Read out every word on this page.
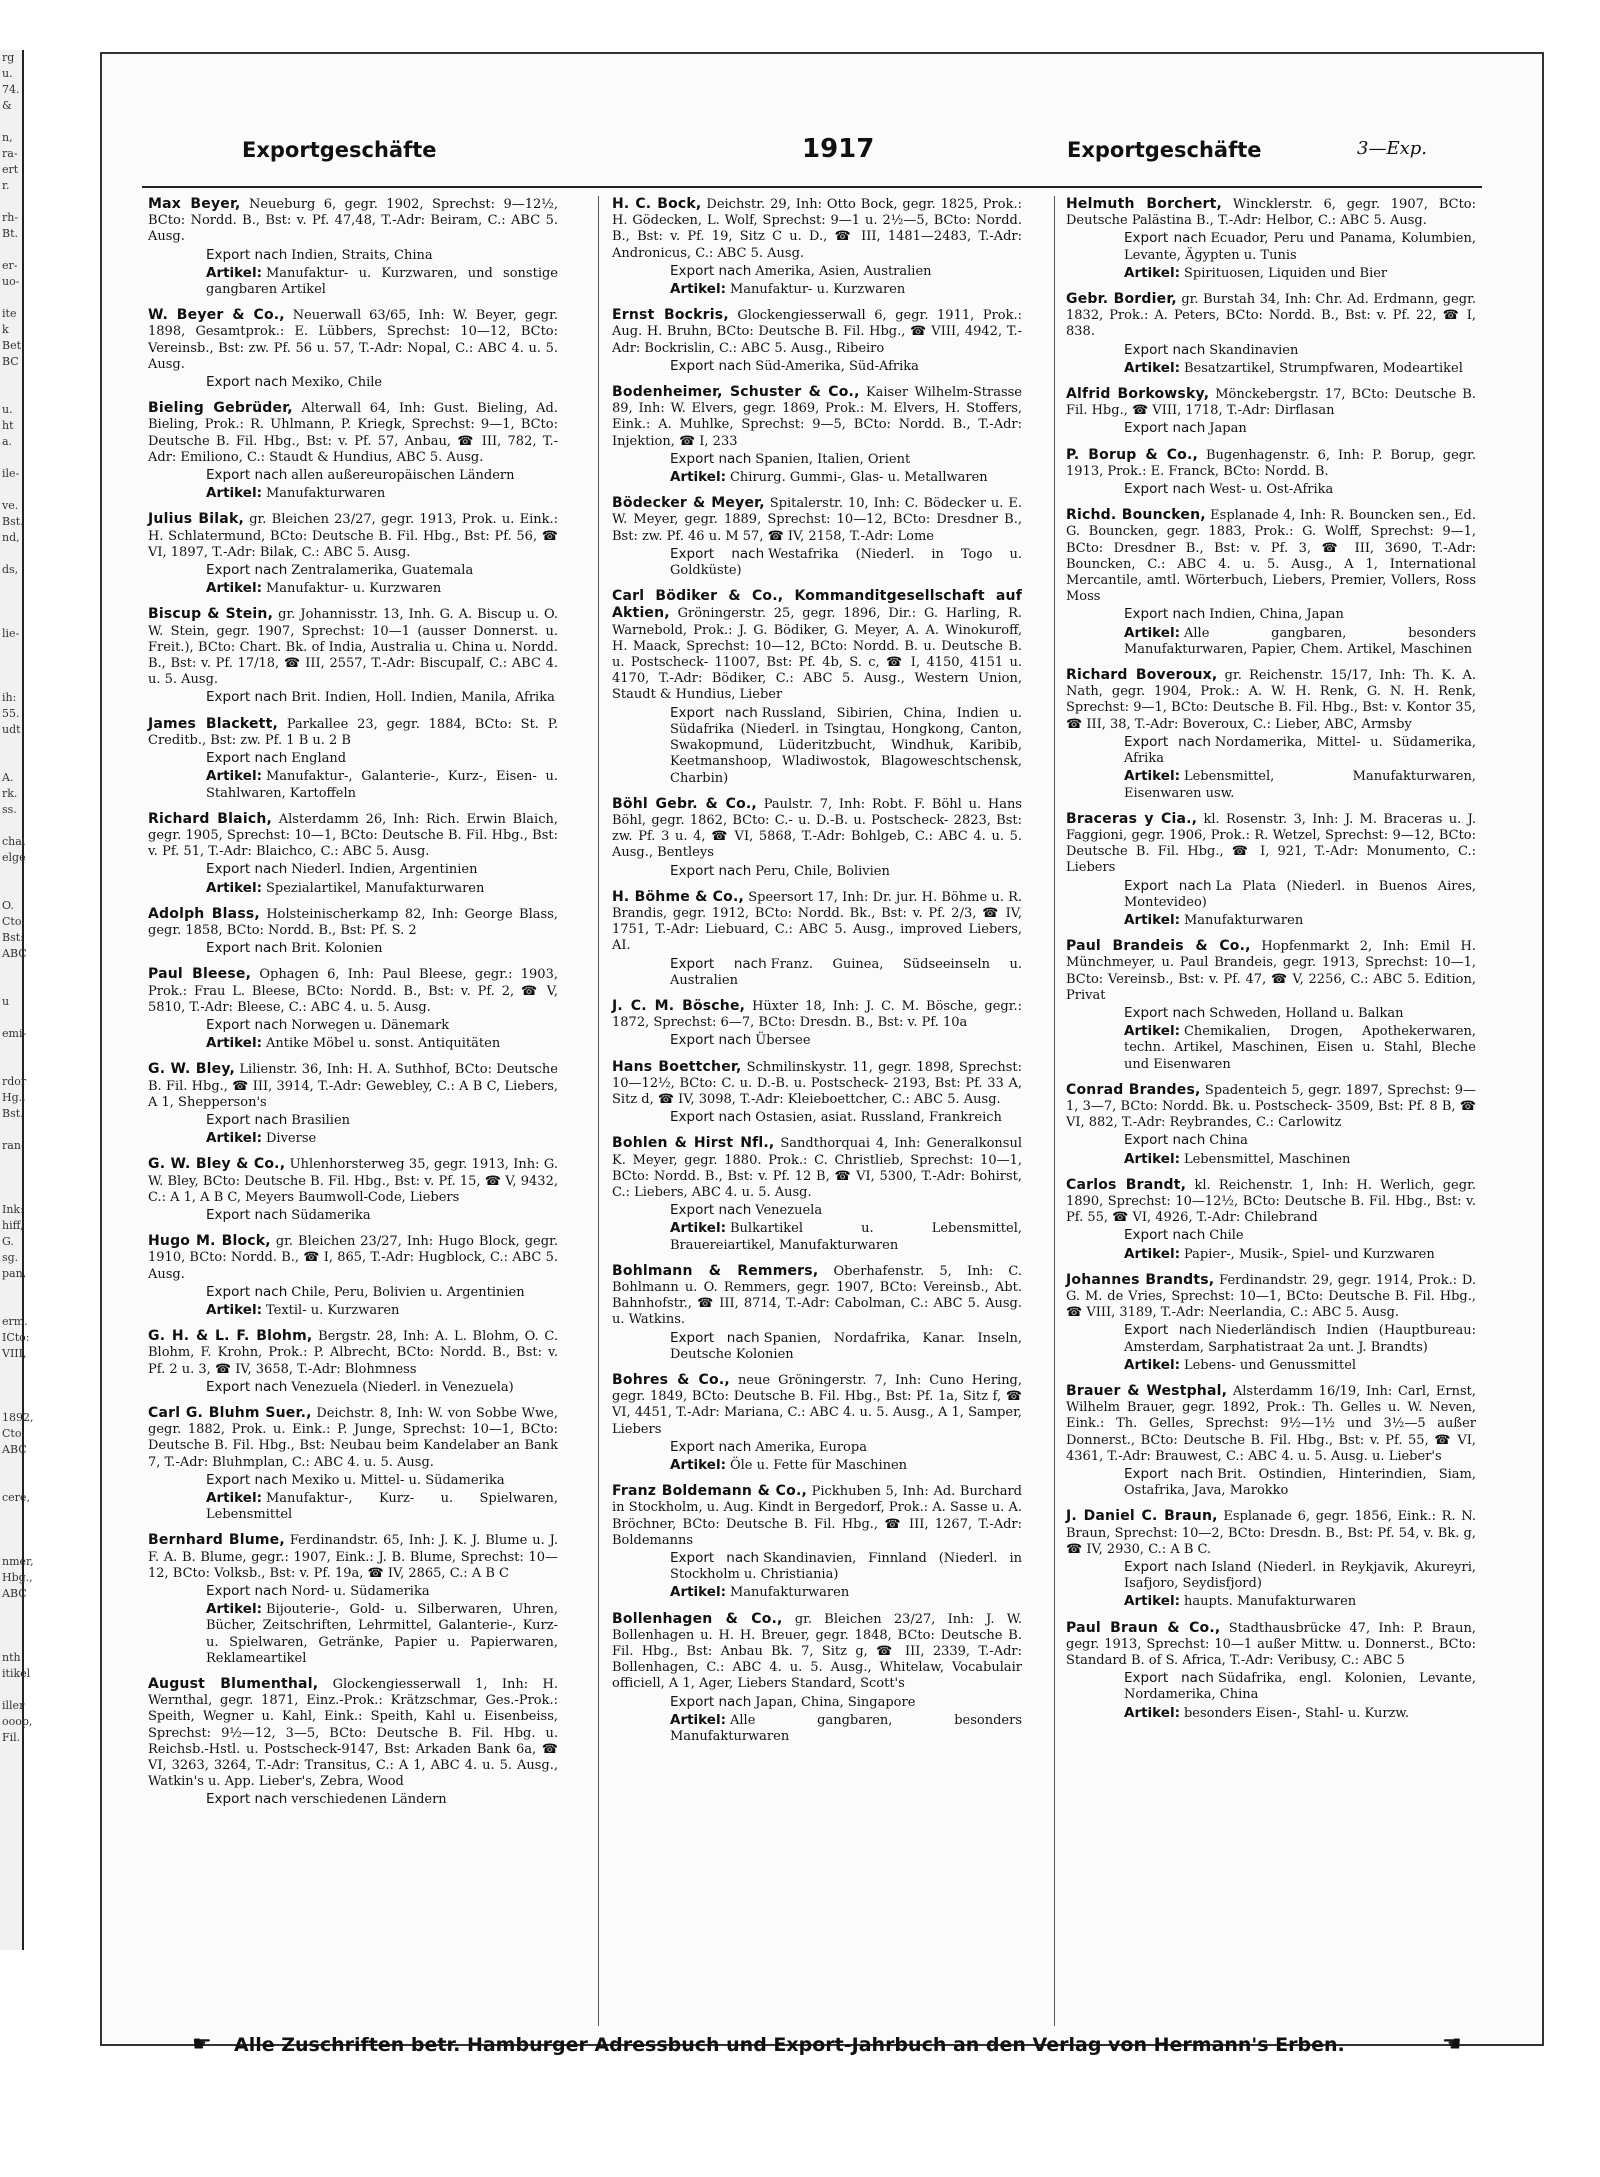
rg
u.
74.
&
n,
ra-
ert
r.
rh-
Bt.
er-
uo-
ite
k
Bet.
BC
u.
ht
a.
ile-
ve.
Bst.
nd,
ds,
lie-
ih:
55.
udt
A.
rk.
ss.
chai
elge
O.
Cto:
Bst:
ABC
u
emi-
rdor
Hg.,
Bst.
ran-
Ink:
hiff,
G.
sg.
pan,
erm.
ICto:
VIII,
1892,
Cto:
ABC
cere,
nmer,
Hbg.,
ABC
nth
itikel
iller
ooop,
Fil.
Exportgeschäfte	1917	Exportgeschäfte	3—Exp.
Max Beyer, Neueburg 6, gegr. 1902, Sprechst: 9—12½, BCto: Nordd. B., Bst: v. Pf. 47,48, T.-Adr: Beiram, C.: ABC 5. Ausg.
Export nach Indien, Straits, China
Artikel: Manufaktur- u. Kurzwaren, und sonstige gangbaren Artikel
W. Beyer & Co., Neuerwall 63/65, Inh: W. Beyer, gegr. 1898, Gesamtprok.: E. Lübbers, Sprechst: 10—12, BCto: Vereinsb., Bst: zw. Pf. 56 u. 57, T.-Adr: Nopal, C.: ABC 4. u. 5. Ausg.
Export nach Mexiko, Chile
Bieling Gebrüder, Alterwall 64, Inh: Gust. Bieling, Ad. Bieling, Prok.: R. Uhlmann, P. Kriegk, Sprechst: 9—1, BCto: Deutsche B. Fil. Hbg., Bst: v. Pf. 57, Anbau, ☎ III, 782, T.-Adr: Emiliono, C.: Staudt & Hundius, ABC 5. Ausg.
Export nach allen außereuropäischen Ländern
Artikel: Manufakturwaren
Julius Bilak, gr. Bleichen 23/27, gegr. 1913, Prok. u. Eink.: H. Schlatermund, BCto: Deutsche B. Fil. Hbg., Bst: Pf. 56, ☎ VI, 1897, T.-Adr: Bilak, C.: ABC 5. Ausg.
Export nach Zentralamerika, Guatemala
Artikel: Manufaktur- u. Kurzwaren
Biscup & Stein, gr. Johannisstr. 13, Inh. G. A. Biscup u. O. W. Stein, gegr. 1907, Sprechst: 10—1 (ausser Donnerst. u. Freit.), BCto: Chart. Bk. of India, Australia u. China u. Nordd. B., Bst: v. Pf. 17/18, ☎ III, 2557, T.-Adr: Biscupalf, C.: ABC 4. u. 5. Ausg.
Export nach Brit. Indien, Holl. Indien, Manila, Afrika
James Blackett, Parkallee 23, gegr. 1884, BCto: St. P. Creditb., Bst: zw. Pf. 1 B u. 2 B
Export nach England
Artikel: Manufaktur-, Galanterie-, Kurz-, Eisen- u. Stahlwaren, Kartoffeln
Richard Blaich, Alsterdamm 26, Inh: Rich. Erwin Blaich, gegr. 1905, Sprechst: 10—1, BCto: Deutsche B. Fil. Hbg., Bst: v. Pf. 51, T.-Adr: Blaichco, C.: ABC 5. Ausg.
Export nach Niederl. Indien, Argentinien
Artikel: Spezialartikel, Manufakturwaren
Adolph Blass, Holsteinischerkamp 82, Inh: George Blass, gegr. 1858, BCto: Nordd. B., Bst: Pf. S. 2
Export nach Brit. Kolonien
Paul Bleese, Ophagen 6, Inh: Paul Bleese, gegr.: 1903, Prok.: Frau L. Bleese, BCto: Nordd. B., Bst: v. Pf. 2, ☎ V, 5810, T.-Adr: Bleese, C.: ABC 4. u. 5. Ausg.
Export nach Norwegen u. Dänemark
Artikel: Antike Möbel u. sonst. Antiquitäten
G. W. Bley, Lilienstr. 36, Inh: H. A. Suthhof, BCto: Deutsche B. Fil. Hbg., ☎ III, 3914, T.-Adr: Gewebley, C.: A B C, Liebers, A 1, Shepperson's
Export nach Brasilien
Artikel: Diverse
G. W. Bley & Co., Uhlenhorsterweg 35, gegr. 1913, Inh: G. W. Bley, BCto: Deutsche B. Fil. Hbg., Bst: v. Pf. 15, ☎ V, 9432, C.: A 1, A B C, Meyers Baumwoll-Code, Liebers
Export nach Südamerika
Hugo M. Block, gr. Bleichen 23/27, Inh: Hugo Block, gegr. 1910, BCto: Nordd. B., ☎ I, 865, T.-Adr: Hugblock, C.: ABC 5. Ausg.
Export nach Chile, Peru, Bolivien u. Argentinien
Artikel: Textil- u. Kurzwaren
G. H. & L. F. Blohm, Bergstr. 28, Inh: A. L. Blohm, O. C. Blohm, F. Krohn, Prok.: P. Albrecht, BCto: Nordd. B., Bst: v. Pf. 2 u. 3, ☎ IV, 3658, T.-Adr: Blohmness
Export nach Venezuela (Niederl. in Venezuela)
Carl G. Bluhm Suer., Deichstr. 8, Inh: W. von Sobbe Wwe, gegr. 1882, Prok. u. Eink.: P. Junge, Sprechst: 10—1, BCto: Deutsche B. Fil. Hbg., Bst: Neubau beim Kandelaber an Bank 7, T.-Adr: Bluhmplan, C.: ABC 4. u. 5. Ausg.
Export nach Mexiko u. Mittel- u. Südamerika
Artikel: Manufaktur-, Kurz- u. Spielwaren, Lebensmittel
Bernhard Blume, Ferdinandstr. 65, Inh: J. K. J. Blume u. J. F. A. B. Blume, gegr.: 1907, Eink.: J. B. Blume, Sprechst: 10—12, BCto: Volksb., Bst: v. Pf. 19a, ☎ IV, 2865, C.: A B C
Export nach Nord- u. Südamerika
Artikel: Bijouterie-, Gold- u. Silberwaren, Uhren, Bücher, Zeitschriften, Lehrmittel, Galanterie-, Kurz- u. Spielwaren, Getränke, Papier u. Papierwaren, Reklameartikel
August Blumenthal, Glockengiesserwall 1, Inh: H. Wernthal, gegr. 1871, Einz.-Prok.: Krätzschmar, Ges.-Prok.: Speith, Wegner u. Kahl, Eink.: Speith, Kahl u. Eisenbeiss, Sprechst: 9½—12, 3—5, BCto: Deutsche B. Fil. Hbg. u. Reichsb.-Hstl. u. Postscheck-9147, Bst: Arkaden Bank 6a, ☎ VI, 3263, 3264, T.-Adr: Transitus, C.: A 1, ABC 4. u. 5. Ausg., Watkin's u. App. Lieber's, Zebra, Wood
Export nach verschiedenen Ländern
H. C. Bock, Deichstr. 29, Inh: Otto Bock, gegr. 1825, Prok.: H. Gödecken, L. Wolf, Sprechst: 9—1 u. 2½—5, BCto: Nordd. B., Bst: v. Pf. 19, Sitz C u. D., ☎ III, 1481—2483, T.-Adr: Andronicus, C.: ABC 5. Ausg.
Export nach Amerika, Asien, Australien
Artikel: Manufaktur- u. Kurzwaren
Ernst Bockris, Glockengiesserwall 6, gegr. 1911, Prok.: Aug. H. Bruhn, BCto: Deutsche B. Fil. Hbg., ☎ VIII, 4942, T.-Adr: Bockrislin, C.: ABC 5. Ausg., Ribeiro
Export nach Süd-Amerika, Süd-Afrika
Bodenheimer, Schuster & Co., Kaiser Wilhelm-Strasse 89, Inh: W. Elvers, gegr. 1869, Prok.: M. Elvers, H. Stoffers, Eink.: A. Muhlke, Sprechst: 9—5, BCto: Nordd. B., T.-Adr: Injektion, ☎ I, 233
Export nach Spanien, Italien, Orient
Artikel: Chirurg. Gummi-, Glas- u. Metallwaren
Bödecker & Meyer, Spitalerstr. 10, Inh: C. Bödecker u. E. W. Meyer, gegr. 1889, Sprechst: 10—12, BCto: Dresdner B., Bst: zw. Pf. 46 u. M 57, ☎ IV, 2158, T.-Adr: Lome
Export nach Westafrika (Niederl. in Togo u. Goldküste)
Carl Bödiker & Co., Kommanditgesellschaft auf Aktien, Gröningerstr. 25, gegr. 1896, Dir.: G. Harling, R. Warnebold, Prok.: J. G. Bödiker, G. Meyer, A. A. Winokuroff, H. Maack, Sprechst: 10—12, BCto: Nordd. B. u. Deutsche B. u. Postscheck- 11007, Bst: Pf. 4b, S. c, ☎ I, 4150, 4151 u. 4170, T.-Adr: Bödiker, C.: ABC 5. Ausg., Western Union, Staudt & Hundius, Lieber
Export nach Russland, Sibirien, China, Indien u. Südafrika (Niederl. in Tsingtau, Hongkong, Canton, Swakopmund, Lüderitzbucht, Windhuk, Karibib, Keetmanshoop, Wladiwostok, Blagoweschtschensk, Charbin)
Böhl Gebr. & Co., Paulstr. 7, Inh: Robt. F. Böhl u. Hans Böhl, gegr. 1862, BCto: C.- u. D.-B. u. Postscheck- 2823, Bst: zw. Pf. 3 u. 4, ☎ VI, 5868, T.-Adr: Bohlgeb, C.: ABC 4. u. 5. Ausg., Bentleys
Export nach Peru, Chile, Bolivien
H. Böhme & Co., Speersort 17, Inh: Dr. jur. H. Böhme u. R. Brandis, gegr. 1912, BCto: Nordd. Bk., Bst: v. Pf. 2/3, ☎ IV, 1751, T.-Adr: Liebuard, C.: ABC 5. Ausg., improved Liebers, AI.
Export nach Franz. Guinea, Südseeinseln u. Australien
J. C. M. Bösche, Hüxter 18, Inh: J. C. M. Bösche, gegr.: 1872, Sprechst: 6—7, BCto: Dresdn. B., Bst: v. Pf. 10a
Export nach Übersee
Hans Boettcher, Schmilinskystr. 11, gegr. 1898, Sprechst: 10—12½, BCto: C. u. D.-B. u. Postscheck- 2193, Bst: Pf. 33 A, Sitz d, ☎ IV, 3098, T.-Adr: Kleieboettcher, C.: ABC 5. Ausg.
Export nach Ostasien, asiat. Russland, Frankreich
Bohlen & Hirst Nfl., Sandthorquai 4, Inh: Generalkonsul K. Meyer, gegr. 1880. Prok.: C. Christlieb, Sprechst: 10—1, BCto: Nordd. B., Bst: v. Pf. 12 B, ☎ VI, 5300, T.-Adr: Bohirst, C.: Liebers, ABC 4. u. 5. Ausg.
Export nach Venezuela
Artikel: Bulkartikel u. Lebensmittel, Brauereiartikel, Manufakturwaren
Bohlmann & Remmers, Oberhafenstr. 5, Inh: C. Bohlmann u. O. Remmers, gegr. 1907, BCto: Vereinsb., Abt. Bahnhofstr., ☎ III, 8714, T.-Adr: Cabolman, C.: ABC 5. Ausg. u. Watkins.
Export nach Spanien, Nordafrika, Kanar. Inseln, Deutsche Kolonien
Bohres & Co., neue Gröningerstr. 7, Inh: Cuno Hering, gegr. 1849, BCto: Deutsche B. Fil. Hbg., Bst: Pf. 1a, Sitz f, ☎ VI, 4451, T.-Adr: Mariana, C.: ABC 4. u. 5. Ausg., A 1, Samper, Liebers
Export nach Amerika, Europa
Artikel: Öle u. Fette für Maschinen
Franz Boldemann & Co., Pickhuben 5, Inh: Ad. Burchard in Stockholm, u. Aug. Kindt in Bergedorf, Prok.: A. Sasse u. A. Bröchner, BCto: Deutsche B. Fil. Hbg., ☎ III, 1267, T.-Adr: Boldemanns
Export nach Skandinavien, Finnland (Niederl. in Stockholm u. Christiania)
Artikel: Manufakturwaren
Bollenhagen & Co., gr. Bleichen 23/27, Inh: J. W. Bollenhagen u. H. H. Breuer, gegr. 1848, BCto: Deutsche B. Fil. Hbg., Bst: Anbau Bk. 7, Sitz g, ☎ III, 2339, T.-Adr: Bollenhagen, C.: ABC 4. u. 5. Ausg., Whitelaw, Vocabulair officiell, A 1, Ager, Liebers Standard, Scott's
Export nach Japan, China, Singapore
Artikel: Alle gangbaren, besonders Manufakturwaren
Helmuth Borchert, Wincklerstr. 6, gegr. 1907, BCto: Deutsche Palästina B., T.-Adr: Helbor, C.: ABC 5. Ausg.
Export nach Ecuador, Peru und Panama, Kolumbien, Levante, Ägypten u. Tunis
Artikel: Spirituosen, Liquiden und Bier
Gebr. Bordier, gr. Burstah 34, Inh: Chr. Ad. Erdmann, gegr. 1832, Prok.: A. Peters, BCto: Nordd. B., Bst: v. Pf. 22, ☎ I, 838.
Export nach Skandinavien
Artikel: Besatzartikel, Strumpfwaren, Modeartikel
Alfrid Borkowsky, Mönckebergstr. 17, BCto: Deutsche B. Fil. Hbg., ☎ VIII, 1718, T.-Adr: Dirflasan
Export nach Japan
P. Borup & Co., Bugenhagenstr. 6, Inh: P. Borup, gegr. 1913, Prok.: E. Franck, BCto: Nordd. B.
Export nach West- u. Ost-Afrika
Richd. Bouncken, Esplanade 4, Inh: R. Bouncken sen., Ed. G. Bouncken, gegr. 1883, Prok.: G. Wolff, Sprechst: 9—1, BCto: Dresdner B., Bst: v. Pf. 3, ☎ III, 3690, T.-Adr: Bouncken, C.: ABC 4. u. 5. Ausg., A 1, International Mercantile, amtl. Wörterbuch, Liebers, Premier, Vollers, Ross Moss
Export nach Indien, China, Japan
Artikel: Alle gangbaren, besonders Manufakturwaren, Papier, Chem. Artikel, Maschinen
Richard Boveroux, gr. Reichenstr. 15/17, Inh: Th. K. A. Nath, gegr. 1904, Prok.: A. W. H. Renk, G. N. H. Renk, Sprechst: 9—1, BCto: Deutsche B. Fil. Hbg., Bst: v. Kontor 35, ☎ III, 38, T.-Adr: Boveroux, C.: Lieber, ABC, Armsby
Export nach Nordamerika, Mittel- u. Südamerika, Afrika
Artikel: Lebensmittel, Manufakturwaren, Eisenwaren usw.
Braceras y Cia., kl. Rosenstr. 3, Inh: J. M. Braceras u. J. Faggioni, gegr. 1906, Prok.: R. Wetzel, Sprechst: 9—12, BCto: Deutsche B. Fil. Hbg., ☎ I, 921, T.-Adr: Monumento, C.: Liebers
Export nach La Plata (Niederl. in Buenos Aires, Montevideo)
Artikel: Manufakturwaren
Paul Brandeis & Co., Hopfenmarkt 2, Inh: Emil H. Münchmeyer, u. Paul Brandeis, gegr. 1913, Sprechst: 10—1, BCto: Vereinsb., Bst: v. Pf. 47, ☎ V, 2256, C.: ABC 5. Edition, Privat
Export nach Schweden, Holland u. Balkan
Artikel: Chemikalien, Drogen, Apothekerwaren, techn. Artikel, Maschinen, Eisen u. Stahl, Bleche und Eisenwaren
Conrad Brandes, Spadenteich 5, gegr. 1897, Sprechst: 9—1, 3—7, BCto: Nordd. Bk. u. Postscheck- 3509, Bst: Pf. 8 B, ☎ VI, 882, T.-Adr: Reybrandes, C.: Carlowitz
Export nach China
Artikel: Lebensmittel, Maschinen
Carlos Brandt, kl. Reichenstr. 1, Inh: H. Werlich, gegr. 1890, Sprechst: 10—12½, BCto: Deutsche B. Fil. Hbg., Bst: v. Pf. 55, ☎ VI, 4926, T.-Adr: Chilebrand
Export nach Chile
Artikel: Papier-, Musik-, Spiel- und Kurzwaren
Johannes Brandts, Ferdinandstr. 29, gegr. 1914, Prok.: D. G. M. de Vries, Sprechst: 10—1, BCto: Deutsche B. Fil. Hbg., ☎ VIII, 3189, T.-Adr: Neerlandia, C.: ABC 5. Ausg.
Export nach Niederländisch Indien (Hauptbureau: Amsterdam, Sarphatistraat 2a unt. J. Brandts)
Artikel: Lebens- und Genussmittel
Brauer & Westphal, Alsterdamm 16/19, Inh: Carl, Ernst, Wilhelm Brauer, gegr. 1892, Prok.: Th. Gelles u. W. Neven, Eink.: Th. Gelles, Sprechst: 9½—1½ und 3½—5 außer Donnerst., BCto: Deutsche B. Fil. Hbg., Bst: v. Pf. 55, ☎ VI, 4361, T.-Adr: Brauwest, C.: ABC 4. u. 5. Ausg. u. Lieber's
Export nach Brit. Ostindien, Hinterindien, Siam, Ostafrika, Java, Marokko
J. Daniel C. Braun, Esplanade 6, gegr. 1856, Eink.: R. N. Braun, Sprechst: 10—2, BCto: Dresdn. B., Bst: Pf. 54, v. Bk. g, ☎ IV, 2930, C.: A B C.
Export nach Island (Niederl. in Reykjavik, Akureyri, Isafjoro, Seydisfjord)
Artikel: haupts. Manufakturwaren
Paul Braun & Co., Stadthausbrücke 47, Inh: P. Braun, gegr. 1913, Sprechst: 10—1 außer Mittw. u. Donnerst., BCto: Standard B. of S. Africa, T.-Adr: Veribusy, C.: ABC 5
Export nach Südafrika, engl. Kolonien, Levante, Nordamerika, China
Artikel: besonders Eisen-, Stahl- u. Kurzw.
☛ Alle Zuschriften betr. Hamburger Adressbuch und Export-Jahrbuch an den Verlag von Hermann's Erben.	☚
